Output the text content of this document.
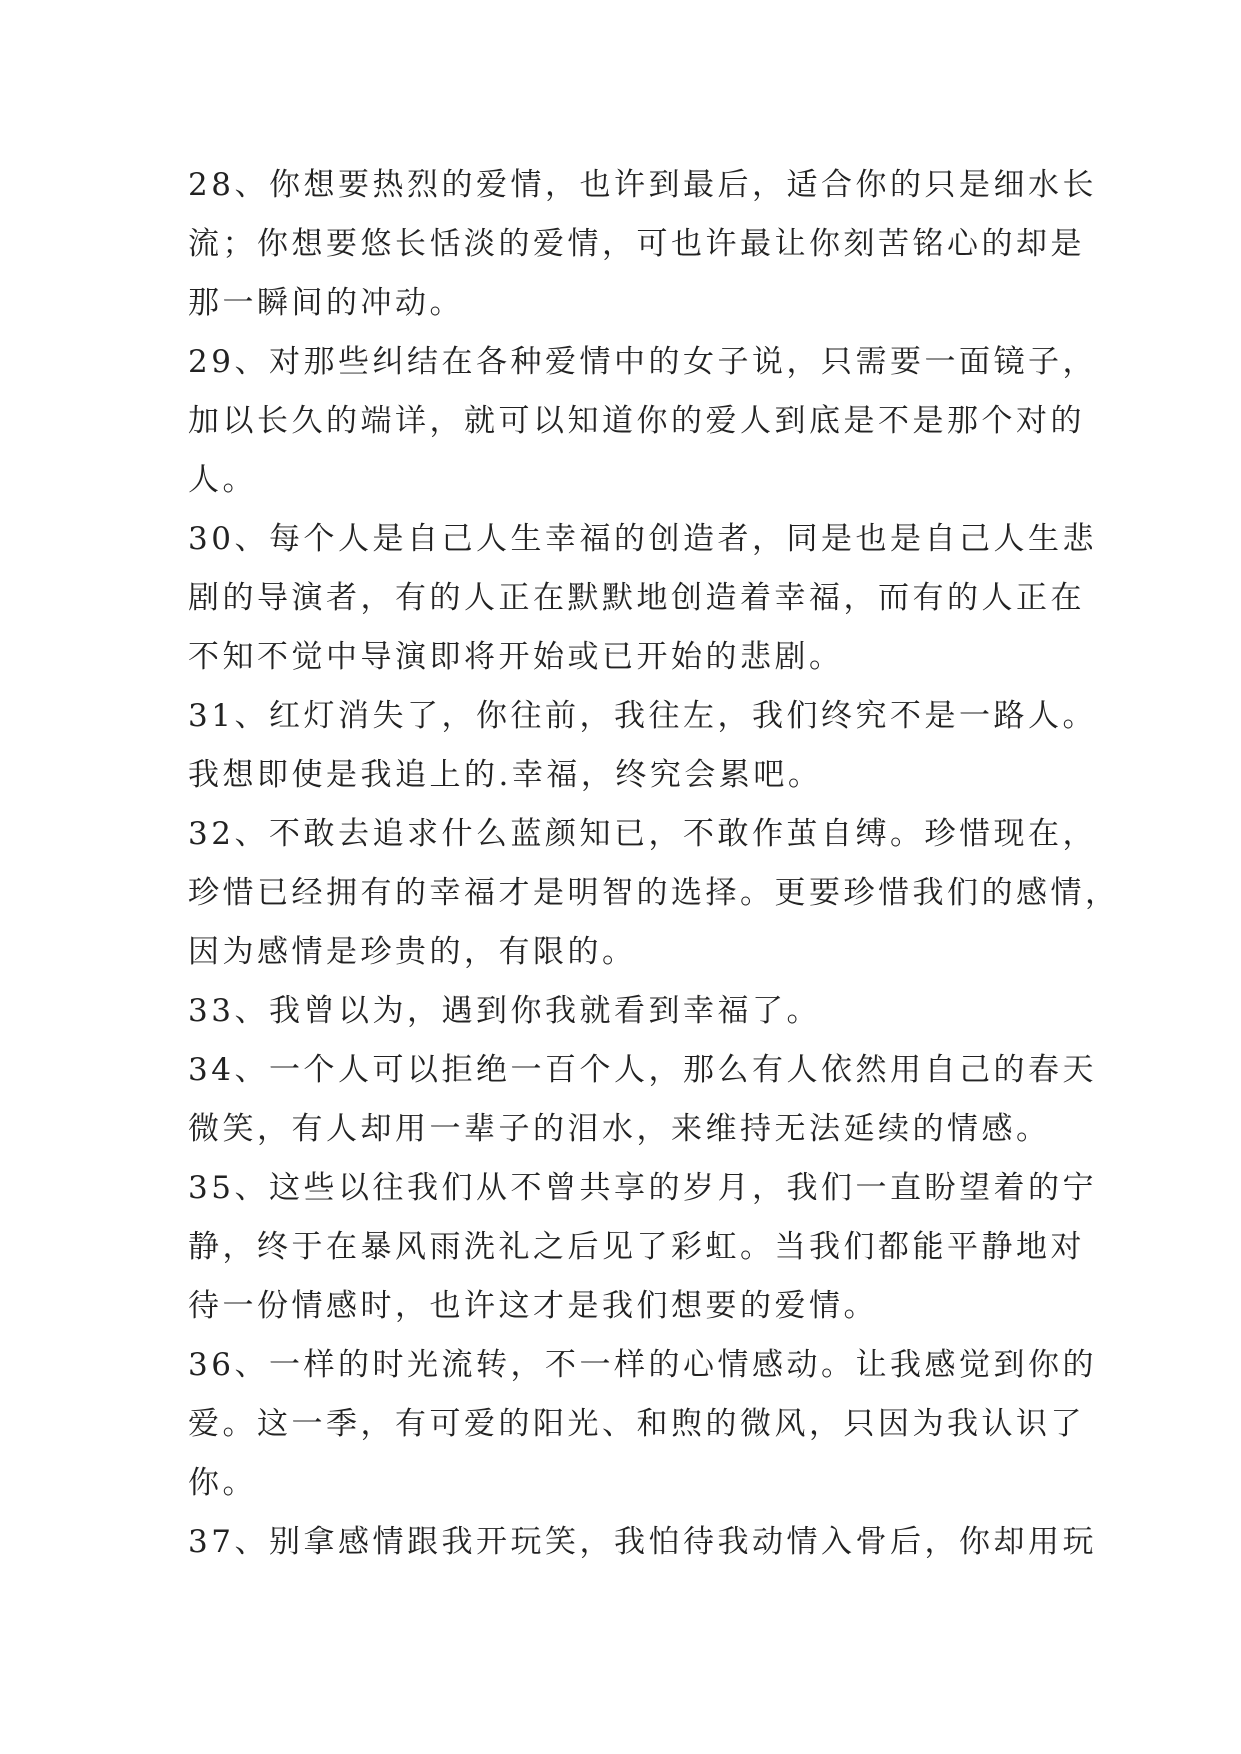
28、你想要热烈的爱情，也许到最后，适合你的只是细水长
流；你想要悠长恬淡的爱情，可也许最让你刻苦铭心的却是
那一瞬间的冲动。

29、对那些纠结在各种爱情中的女子说，只需要一面镜子，
加以长久的端详，就可以知道你的爱人到底是不是那个对的
人。

30、每个人是自己人生幸福的创造者，同是也是自己人生悲
剧的导演者，有的人正在默默地创造着幸福，而有的人正在
不知不觉中导演即将开始或已开始的悲剧。

31、红灯消失了，你往前，我往左，我们终究不是一路人。
我想即使是我追上的.幸福，终究会累吧。

32、不敢去追求什么蓝颜知已，不敢作茧自缚。珍惜现在，
珍惜已经拥有的幸福才是明智的选择。更要珍惜我们的感情，
因为感情是珍贵的，有限的。

33、我曾以为，遇到你我就看到幸福了。

34、一个人可以拒绝一百个人，那么有人依然用自己的春天
微笑，有人却用一辈子的泪水，来维持无法延续的情感。

35、这些以往我们从不曾共享的岁月，我们一直盼望着的宁
静，终于在暴风雨洗礼之后见了彩虹。当我们都能平静地对
待一份情感时，也许这才是我们想要的爱情。

36、一样的时光流转，不一样的心情感动。让我感觉到你的
爱。这一季，有可爱的阳光、和煦的微风，只因为我认识了
你。

37、别拿感情跟我开玩笑，我怕待我动情入骨后，你却用玩
